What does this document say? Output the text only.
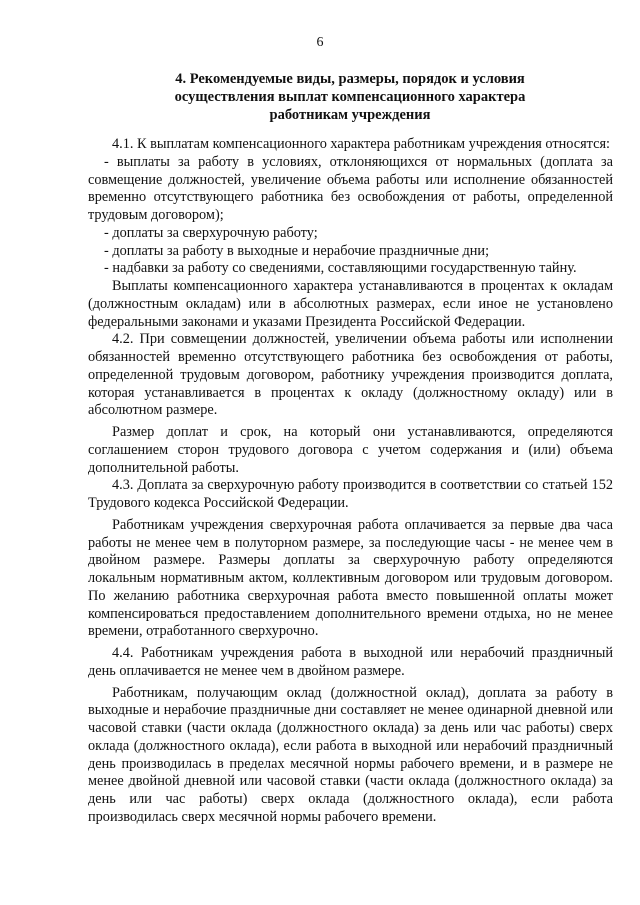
6
4. Рекомендуемые виды, размеры, порядок и условия
осуществления выплат компенсационного характера
работникам учреждения

4.1. К выплатам компенсационного характера работникам учреждения относятся:

- выплаты за работу в условиях, отклоняющихся от нормальных (доплата за совмещение должностей, увеличение объема работы или исполнение обязанностей временно отсутствующего работника без освобождения от работы, определенной трудовым договором);

- доплаты за сверхурочную работу;

- доплаты за работу в выходные и нерабочие праздничные дни;

- надбавки за работу со сведениями, составляющими государственную тайну.

Выплаты компенсационного характера устанавливаются в процентах к окладам (должностным окладам) или в абсолютных размерах, если иное не установлено федеральными законами и указами Президента Российской Федерации.

4.2. При совмещении должностей, увеличении объема работы или исполнении обязанностей временно отсутствующего работника без освобождения от работы, определенной трудовым договором, работнику учреждения производится доплата, которая устанавливается в процентах к окладу (должностному окладу) или в абсолютном размере.

Размер доплат и срок, на который они устанавливаются, определяются соглашением сторон трудового договора с учетом содержания и (или) объема дополнительной работы.

4.3. Доплата за сверхурочную работу производится в соответствии со статьей 152 Трудового кодекса Российской Федерации.

Работникам учреждения сверхурочная работа оплачивается за первые два часа работы не менее чем в полуторном размере, за последующие часы - не менее чем в двойном размере. Размеры доплаты за сверхурочную работу определяются локальным нормативным актом, коллективным договором или трудовым договором. По желанию работника сверхурочная работа вместо повышенной оплаты может компенсироваться предоставлением дополнительного времени отдыха, но не менее времени, отработанного сверхурочно.

4.4. Работникам учреждения работа в выходной или нерабочий праздничный день оплачивается не менее чем в двойном размере.

Работникам, получающим оклад (должностной оклад), доплата за работу в выходные и нерабочие праздничные дни составляет не менее одинарной дневной или часовой ставки (части оклада (должностного оклада) за день или час работы) сверх оклада (должностного оклада), если работа в выходной или нерабочий праздничный день производилась в пределах месячной нормы рабочего времени, и в размере не менее двойной дневной или часовой ставки (части оклада (должностного оклада) за день или час работы) сверх оклада (должностного оклада), если работа производилась сверх месячной нормы рабочего времени.
